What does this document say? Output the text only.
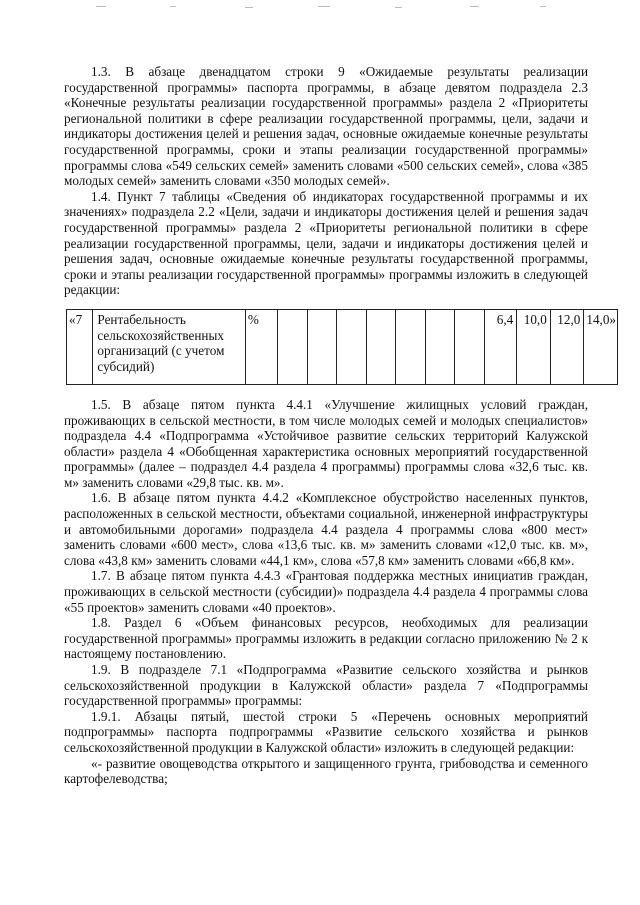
1.3. В абзаце двенадцатом строки 9 «Ожидаемые результаты реализации государственной программы» паспорта программы, в абзаце девятом подраздела 2.3 «Конечные результаты реализации государственной программы» раздела 2 «Приоритеты региональной политики в сфере реализации государственной программы, цели, задачи и индикаторы достижения целей и решения задач, основные ожидаемые конечные результаты государственной программы, сроки и этапы реализации государственной программы» программы слова «549 сельских семей» заменить словами «500 сельских семей», слова «385 молодых семей» заменить словами «350 молодых семей».

1.4. Пункт 7 таблицы «Сведения об индикаторах государственной программы и их значениях» подраздела 2.2 «Цели, задачи и индикаторы достижения целей и решения задач государственной программы» раздела 2 «Приоритеты региональной политики в сфере реализации государственной программы, цели, задачи и индикаторы достижения целей и решения задач, основные ожидаемые конечные результаты государственной программы, сроки и этапы реализации государственной программы» программы изложить в следующей редакции:

«7	Рентабельность сельскохозяйственных организаций (с учетом субсидий)	%								6,4	10,0	12,0	14,0»

1.5. В абзаце пятом пункта 4.4.1 «Улучшение жилищных условий граждан, проживающих в сельской местности, в том числе молодых семей и молодых специалистов» подраздела 4.4 «Подпрограмма «Устойчивое развитие сельских территорий Калужской области» раздела 4 «Обобщенная характеристика основных мероприятий государственной программы» (далее – подраздел 4.4 раздела 4 программы) программы слова «32,6 тыс. кв. м» заменить словами «29,8 тыс. кв. м».

1.6. В абзаце пятом пункта 4.4.2 «Комплексное обустройство населенных пунктов, расположенных в сельской местности, объектами социальной, инженерной инфраструктуры и автомобильными дорогами» подраздела 4.4 раздела 4 программы слова «800 мест» заменить словами «600 мест», слова «13,6 тыс. кв. м» заменить словами «12,0 тыс. кв. м», слова «43,8 км» заменить словами «44,1 км», слова «57,8 км» заменить словами «66,8 км».

1.7. В абзаце пятом пункта 4.4.3 «Грантовая поддержка местных инициатив граждан, проживающих в сельской местности (субсидии)» подраздела 4.4 раздела 4 программы слова «55 проектов» заменить словами «40 проектов».

1.8. Раздел 6 «Объем финансовых ресурсов, необходимых для реализации государственной программы» программы изложить в редакции согласно приложению № 2 к настоящему постановлению.

1.9. В подразделе 7.1 «Подпрограмма «Развитие сельского хозяйства и рынков сельскохозяйственной продукции в Калужской области» раздела 7 «Подпрограммы государственной программы» программы:

1.9.1. Абзацы пятый, шестой строки 5 «Перечень основных мероприятий подпрограммы» паспорта подпрограммы «Развитие сельского хозяйства и рынков сельскохозяйственной продукции в Калужской области» изложить в следующей редакции:

«- развитие овощеводства открытого и защищенного грунта, грибоводства и семенного картофелеводства;
